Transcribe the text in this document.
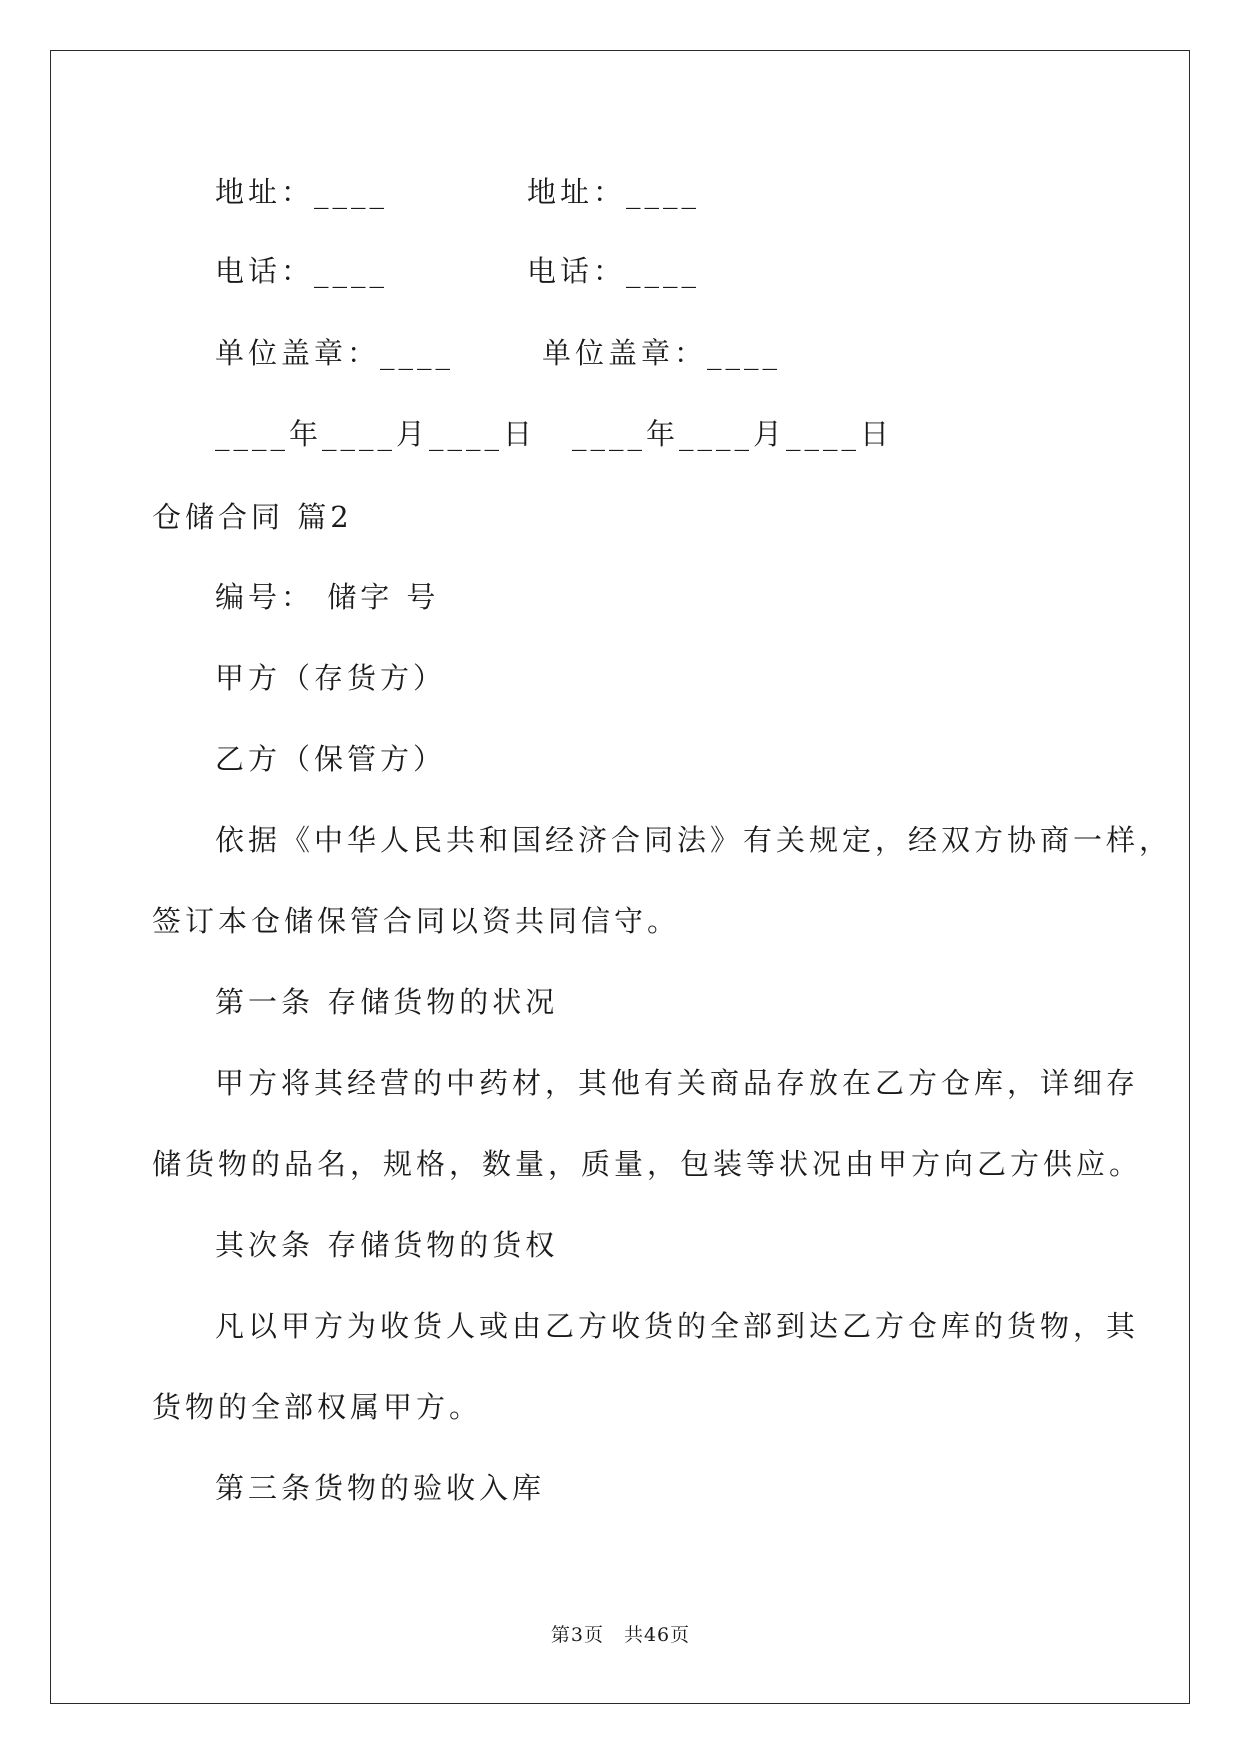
地址：____	地址：____
电话：____	电话：____
单位盖章：____	单位盖章：____
____年____月____日 ____年____月____日
仓储合同 篇2
编号： 储字 号
甲方（存货方）
乙方（保管方）
依据《中华人民共和国经济合同法》有关规定，经双方协商一样，
签订本仓储保管合同以资共同信守。
第一条 存储货物的状况
甲方将其经营的中药材，其他有关商品存放在乙方仓库，详细存
储货物的品名，规格，数量，质量，包装等状况由甲方向乙方供应。
其次条 存储货物的货权
凡以甲方为收货人或由乙方收货的全部到达乙方仓库的货物，其
货物的全部权属甲方。
第三条货物的验收入库
第3页　共46页
